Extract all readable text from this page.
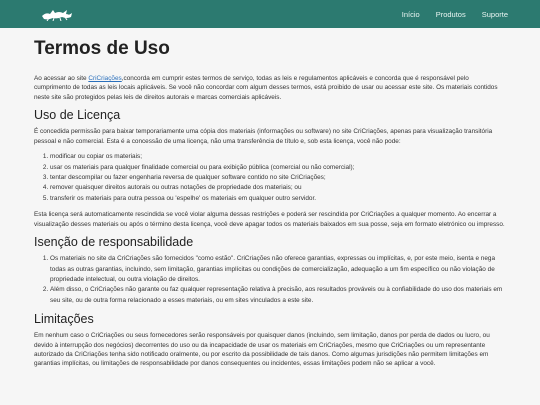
Início	Produtos	Suporte
Termos de Uso

Ao acessar ao site CriCriações,concorda em cumprir estes termos de serviço, todas as leis e regulamentos aplicáveis e concorda que é responsável pelo cumprimento de todas as leis locais aplicáveis. Se você não concordar com algum desses termos, está proibido de usar ou acessar este site. Os materiais contidos neste site são protegidos pelas leis de direitos autorais e marcas comerciais aplicáveis.

Uso de Licença

É concedida permissão para baixar temporariamente uma cópia dos materiais (informações ou software) no site CriCriações, apenas para visualização transitória pessoal e não comercial. Esta é a concessão de uma licença, não uma transferência de título e, sob esta licença, você não pode:

1. modificar ou copiar os materiais;
2. usar os materiais para qualquer finalidade comercial ou para exibição pública (comercial ou não comercial);
3. tentar descompilar ou fazer engenharia reversa de qualquer software contido no site CriCriações;
4. remover quaisquer direitos autorais ou outras notações de propriedade dos materiais; ou
5. transferir os materiais para outra pessoa ou 'espelhe' os materiais em qualquer outro servidor.

Esta licença será automaticamente rescindida se você violar alguma dessas restrições e poderá ser rescindida por CriCriações a qualquer momento. Ao encerrar a visualização desses materiais ou após o término desta licença, você deve apagar todos os materiais baixados em sua posse, seja em formato eletrónico ou impresso.

Isenção de responsabilidade
1. Os materiais no site da CriCriações são fornecidos "como estão". CriCriações não oferece garantias, expressas ou implícitas, e, por este meio, isenta e nega todas as outras garantias, incluindo, sem limitação, garantias implícitas ou condições de comercialização, adequação a um fim específico ou não violação de propriedade intelectual, ou outra violação de direitos.
2. Além disso, o CriCriações não garante ou faz qualquer representação relativa à precisão, aos resultados prováveis ou à confiabilidade do uso dos materiais em seu site, ou de outra forma relacionado a esses materiais, ou em sites vinculados a este site.
Limitações

Em nenhum caso o CriCriações ou seus fornecedores serão responsáveis por quaisquer danos (incluindo, sem limitação, danos por perda de dados ou lucro, ou devido à interrupção dos negócios) decorrentes do uso ou da incapacidade de usar os materiais em CriCriações, mesmo que CriCriações ou um representante autorizado da CriCriações tenha sido notificado oralmente, ou por escrito da possibilidade de tais danos. Como algumas jurisdições não permitem limitações em garantias implícitas, ou limitações de responsabilidade por danos consequentes ou incidentes, essas limitações podem não se aplicar a você.
